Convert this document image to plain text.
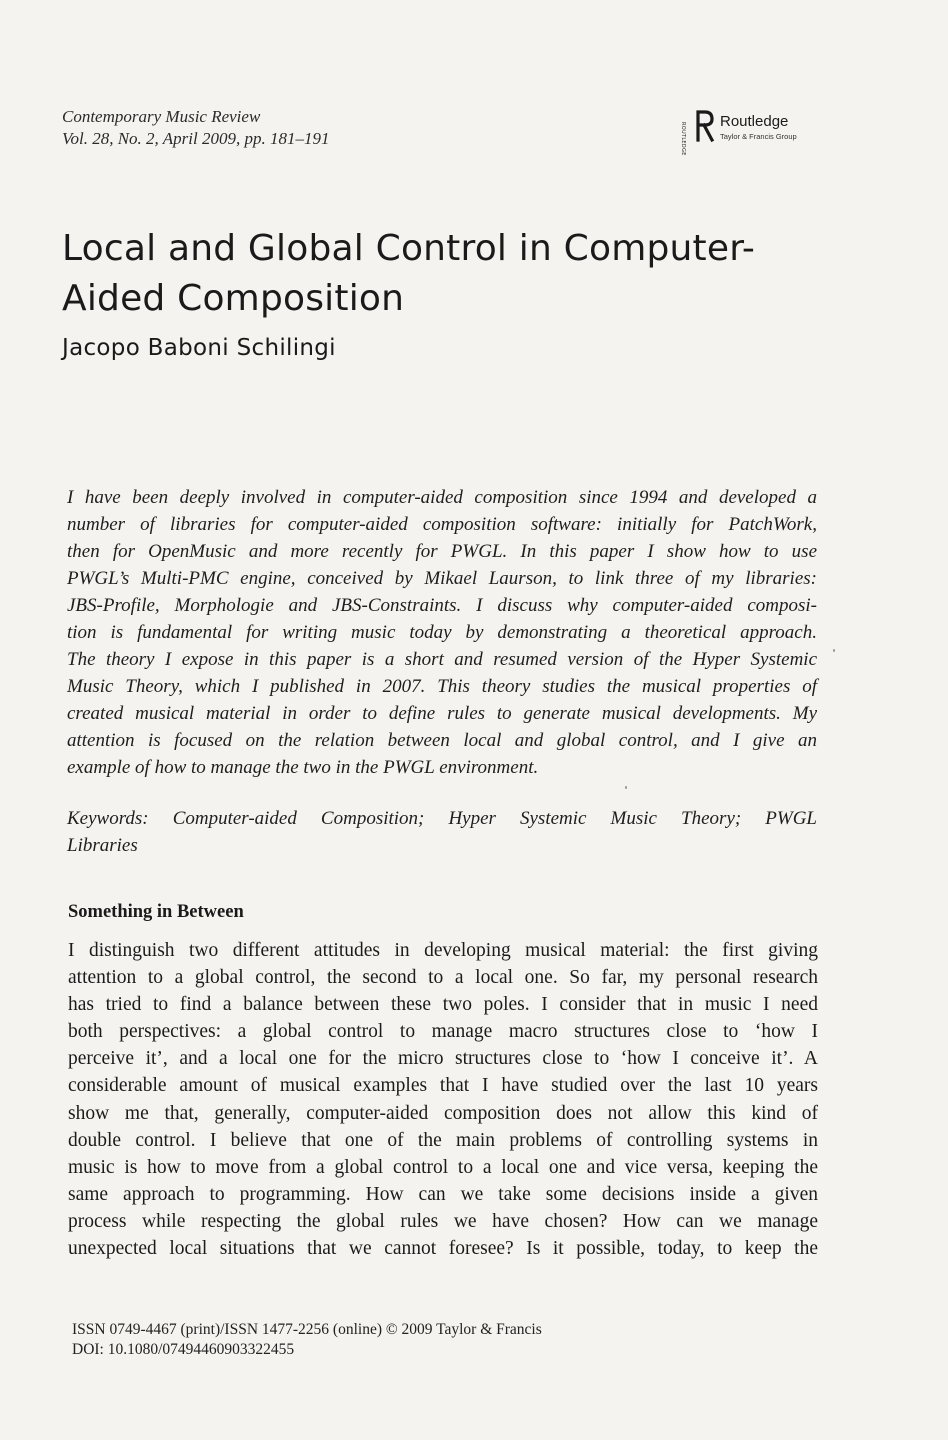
Contemporary Music Review
Vol. 28, No. 2, April 2009, pp. 181–191	ROUTLEDGE
Routledge
Taylor & Francis Group
Local and Global Control in Computer-
Aided Composition
Jacopo Baboni Schilingi
I have been deeply involved in computer-aided composition since 1994 and developed a
number of libraries for computer-aided composition software: initially for PatchWork,
then for OpenMusic and more recently for PWGL. In this paper I show how to use
PWGL’s Multi-PMC engine, conceived by Mikael Laurson, to link three of my libraries:
JBS-Profile, Morphologie and JBS-Constraints. I discuss why computer-aided composi-
tion is fundamental for writing music today by demonstrating a theoretical approach.
The theory I expose in this paper is a short and resumed version of the Hyper Systemic
Music Theory, which I published in 2007. This theory studies the musical properties of
created musical material in order to define rules to generate musical developments. My
attention is focused on the relation between local and global control, and I give an
example of how to manage the two in the PWGL environment.
Keywords: Computer-aided Composition; Hyper Systemic Music Theory; PWGL
Libraries
Something in Between
I distinguish two different attitudes in developing musical material: the first giving
attention to a global control, the second to a local one. So far, my personal research
has tried to find a balance between these two poles. I consider that in music I need
both perspectives: a global control to manage macro structures close to ‘how I
perceive it’, and a local one for the micro structures close to ‘how I conceive it’. A
considerable amount of musical examples that I have studied over the last 10 years
show me that, generally, computer-aided composition does not allow this kind of
double control. I believe that one of the main problems of controlling systems in
music is how to move from a global control to a local one and vice versa, keeping the
same approach to programming. How can we take some decisions inside a given
process while respecting the global rules we have chosen? How can we manage
unexpected local situations that we cannot foresee? Is it possible, today, to keep the
ISSN 0749-4467 (print)/ISSN 1477-2256 (online) © 2009 Taylor & Francis
DOI: 10.1080/07494460903322455
